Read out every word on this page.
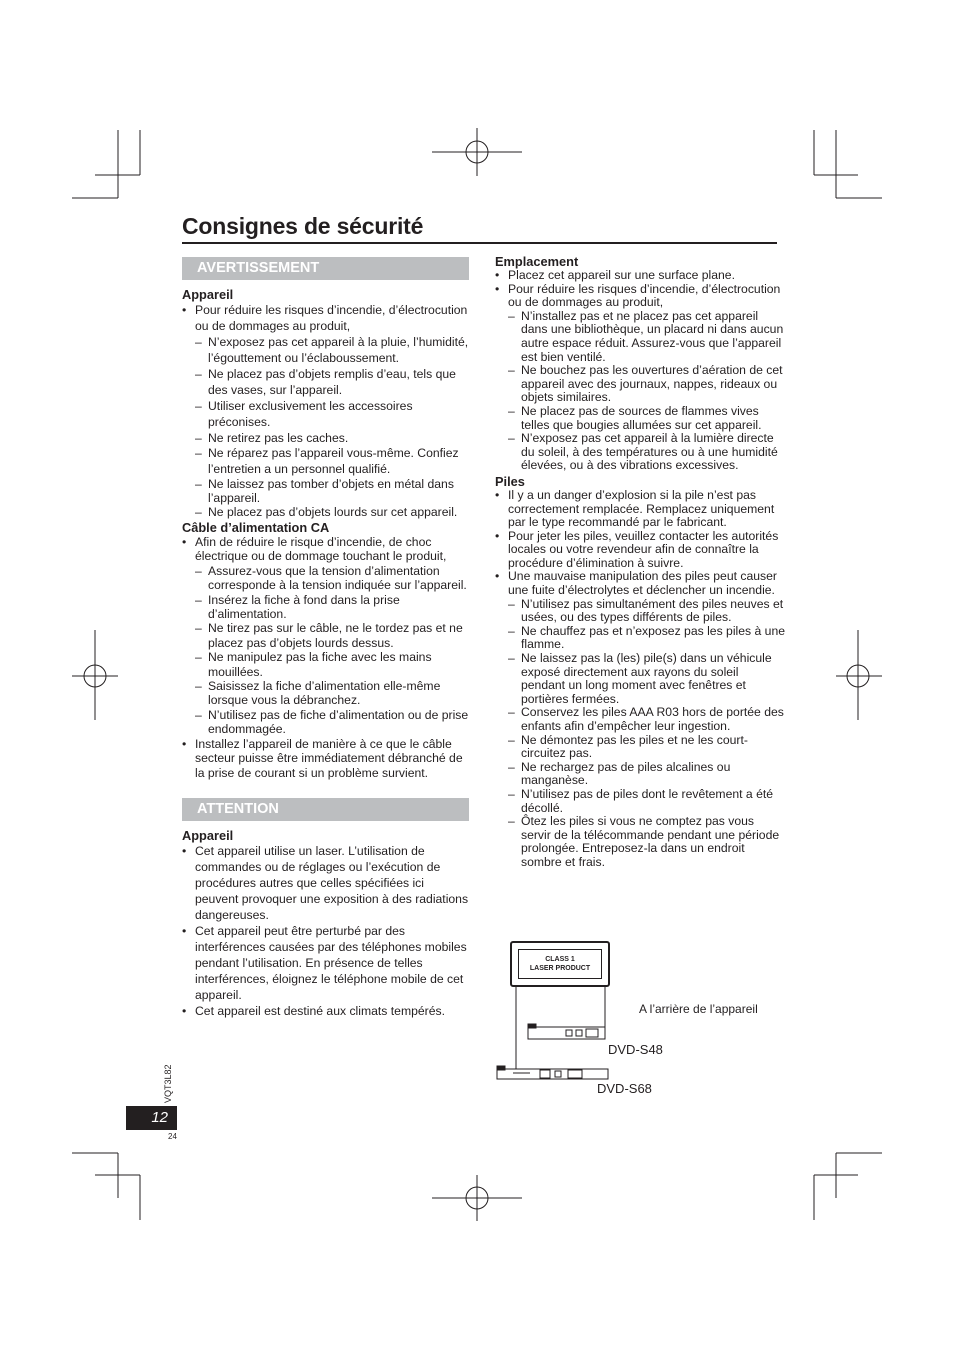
Consignes de sécurité
AVERTISSEMENT
Appareil
• Pour réduire les risques d’incendie, d’électrocution ou de dommages au produit,
– N’exposez pas cet appareil à la pluie, l’humidité, l’égouttement ou l’éclaboussement.
– Ne placez pas d’objets remplis d’eau, tels que des vases, sur l’appareil.
– Utiliser exclusivement les accessoires préconises.
– Ne retirez pas les caches.
– Ne réparez pas l’appareil vous-même. Confiez l’entretien a un personnel qualifié.
– Ne laissez pas tomber d’objets en métal dans l’appareil.
– Ne placez pas d’objets lourds sur cet appareil.
Câble d’alimentation CA
• Afin de réduire le risque d’incendie, de choc électrique ou de dommage touchant le produit,
– Assurez-vous que la tension d’alimentation corresponde à la tension indiquée sur l’appareil.
– Insérez la fiche à fond dans la prise d’alimentation.
– Ne tirez pas sur le câble, ne le tordez pas et ne placez pas d’objets lourds dessus.
– Ne manipulez pas la fiche avec les mains mouillées.
– Saisissez la fiche d’alimentation elle-même lorsque vous la débranchez.
– N’utilisez pas de fiche d’alimentation ou de prise endommagée.
• Installez l’appareil de manière à ce que le câble secteur puisse être immédiatement débranché de la prise de courant si un problème survient.
ATTENTION
Appareil
• Cet appareil utilise un laser. L’utilisation de commandes ou de réglages ou l’exécution de procédures autres que celles spécifiées ici peuvent provoquer une exposition à des radiations dangereuses.
• Cet appareil peut être perturbé par des interférences causées par des téléphones mobiles pendant l’utilisation. En présence de telles interférences, éloignez le téléphone mobile de cet appareil.
• Cet appareil est destiné aux climats tempérés.
Emplacement
• Placez cet appareil sur une surface plane.
• Pour réduire les risques d’incendie, d’électrocution ou de dommages au produit,
– N’installez pas et ne placez pas cet appareil dans une bibliothèque, un placard ni dans aucun autre espace réduit. Assurez-vous que l’appareil est bien ventilé.
– Ne bouchez pas les ouvertures d’aération de cet appareil avec des journaux, nappes, rideaux ou objets similaires.
– Ne placez pas de sources de flammes vives telles que bougies allumées sur cet appareil.
– N’exposez pas cet appareil à la lumière directe du soleil, à des températures ou à une humidité élevées, ou à des vibrations excessives.
Piles
• Il y a un danger d’explosion si la pile n’est pas correctement remplacée. Remplacez uniquement par le type recommandé par le fabricant.
• Pour jeter les piles, veuillez contacter les autorités locales ou votre revendeur afin de connaître la procédure d’élimination à suivre.
• Une mauvaise manipulation des piles peut causer une fuite d’électrolytes et déclencher un incendie.
– N’utilisez pas simultanément des piles neuves et usées, ou des types différents de piles.
– Ne chauffez pas et n’exposez pas les piles à une flamme.
– Ne laissez pas la (les) pile(s) dans un véhicule exposé directement aux rayons du soleil pendant un long moment avec fenêtres et portières fermées.
– Conservez les piles AAA R03 hors de portée des enfants afin d’empêcher leur ingestion.
– Ne démontez pas les piles et ne les court-circuitez pas.
– Ne rechargez pas de piles alcalines ou manganèse.
– N’utilisez pas de piles dont le revêtement a été décollé.
– Ôtez les piles si vous ne comptez pas vous servir de la télécommande pendant une période prolongée. Entreposez-la dans un endroit sombre et frais.
CLASS 1
LASER PRODUCT
A l’arrière de l’appareil
DVD-S48
DVD-S68
VQT3L82
12
24
